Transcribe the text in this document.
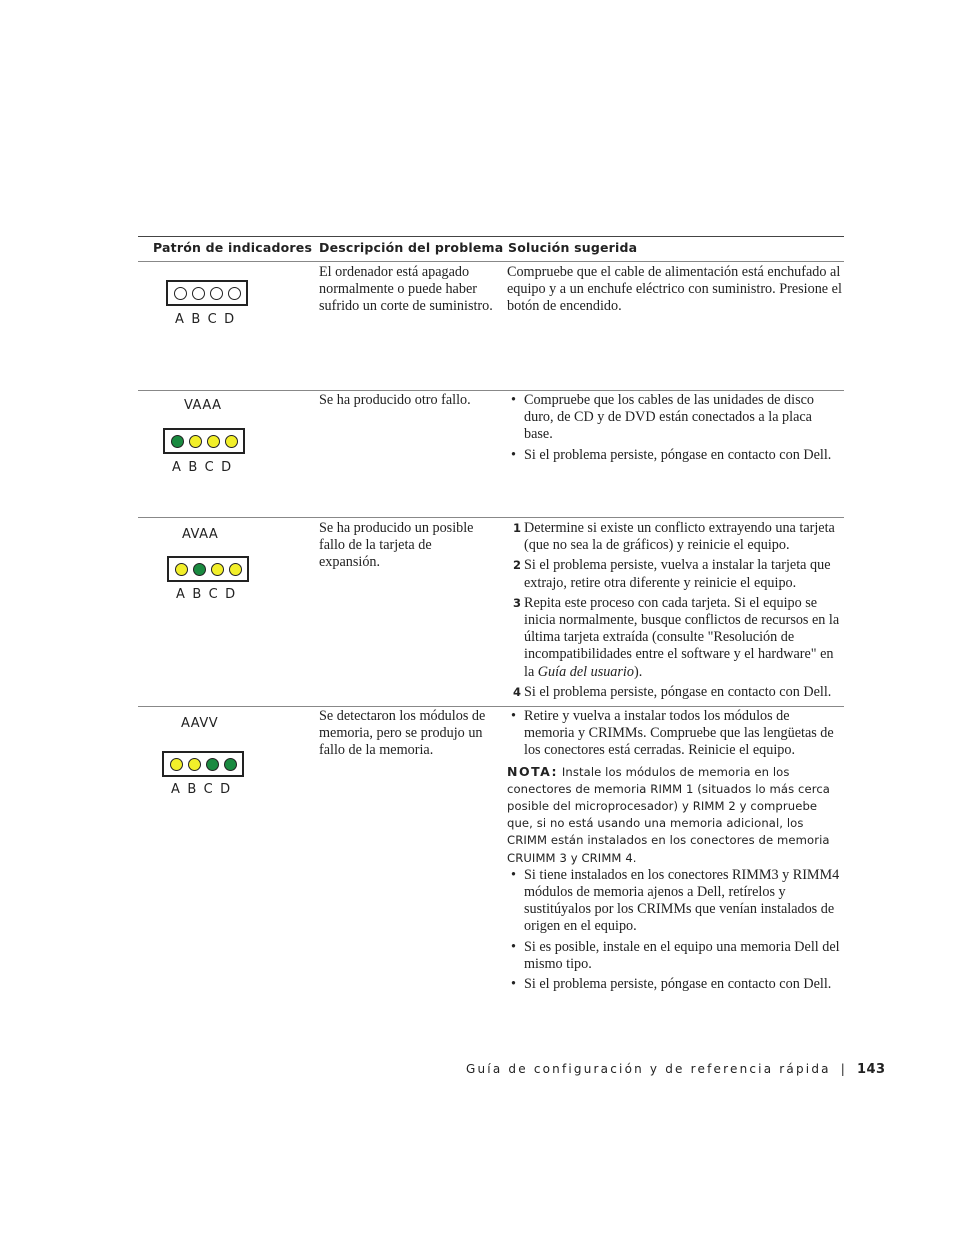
Patrón de indicadores Descripción del problema Solución sugerida
ABCD
El ordenador está apagado normalmente o puede haber sufrido un corte de suministro.
Compruebe que el cable de alimentación está enchufado al equipo y a un enchufe eléctrico con suministro. Presione el botón de encendido.
VAAA
ABCD
Se ha producido otro fallo.	• Compruebe que los cables de las unidades de disco duro, de CD y de DVD están conectados a la placa base.
• Si el problema persiste, póngase en contacto con Dell.
AVAA
ABCD
Se ha producido un posible fallo de la tarjeta de expansión.
1 Determine si existe un conflicto extrayendo una tarjeta (que no sea la de gráficos) y reinicie el equipo.
2 Si el problema persiste, vuelva a instalar la tarjeta que extrajo, retire otra diferente y reinicie el equipo.
3 Repita este proceso con cada tarjeta. Si el equipo se inicia normalmente, busque conflictos de recursos en la última tarjeta extraída (consulte "Resolución de incompatibilidades entre el software y el hardware" en la Guía del usuario).
4 Si el problema persiste, póngase en contacto con Dell.
AAVV
ABCD
Se detectaron los módulos de memoria, pero se produjo un fallo de la memoria.
• Retire y vuelva a instalar todos los módulos de memoria y CRIMMs. Compruebe que las lengüetas de los conectores está cerradas. Reinicie el equipo.

NOTA: Instale los módulos de memoria en los conectores de memoria RIMM 1 (situados lo más cerca posible del microprocesador) y RIMM 2 y compruebe que, si no está usando una memoria adicional, los CRIMM están instalados en los conectores de memoria CRUIMM 3 y CRIMM 4.

• Si tiene instalados en los conectores RIMM3 y RIMM4 módulos de memoria ajenos a Dell, retírelos y sustitúyalos por los CRIMMs que venían instalados de origen en el equipo.
• Si es posible, instale en el equipo una memoria Dell del mismo tipo.
• Si el problema persiste, póngase en contacto con Dell.
Guía de configuración y de referencia rápida | 143
